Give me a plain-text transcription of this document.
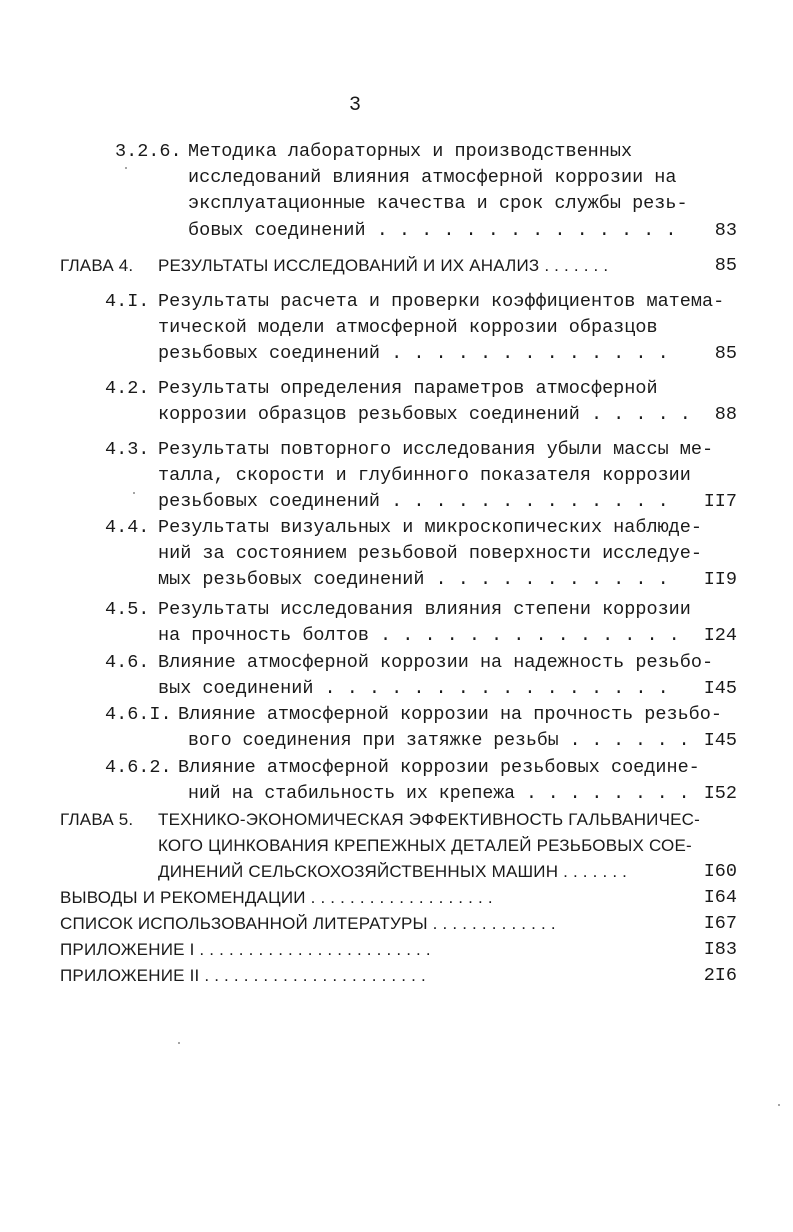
3
3.2.6. Методика лабораторных и производственных
исследований влияния атмосферной коррозии на
эксплуатационные качества и срок службы резь-
бовых соединений . . . . . . . . . . . . . . 83
ГЛАВА 4. РЕЗУЛЬТАТЫ ИССЛЕДОВАНИЙ И ИХ АНАЛИЗ . . . . . . .	85
4.I. Результаты расчета и проверки коэффициентов матема-
тической модели атмосферной коррозии образцов
резьбовых соединений . . . . . . . . . . . . . 85
4.2. Результаты определения параметров атмосферной
коррозии образцов резьбовых соединений . . . . . 88
4.3. Результаты повторного исследования убыли массы ме-
талла, скорости и глубинного показателя коррозии
резьбовых соединений . . . . . . . . . . . . . II7
4.4. Результаты визуальных и микроскопических наблюде-
ний за состоянием резьбовой поверхности исследуе-
мых резьбовых соединений . . . . . . . . . . . II9
4.5. Результаты исследования влияния степени коррозии
на прочность болтов . . . . . . . . . . . . . . I24
4.6. Влияние атмосферной коррозии на надежность резьбо-
вых соединений . . . . . . . . . . . . . . . . I45
4.6.I. Влияние атмосферной коррозии на прочность резьбо-
вого соединения при затяжке резьбы . . . . . . I45
4.6.2. Влияние атмосферной коррозии резьбовых соедине-
ний на стабильность их крепежа . . . . . . . . I52
ГЛАВА 5. ТЕХНИКО-ЭКОНОМИЧЕСКАЯ ЭФФЕКТИВНОСТЬ ГАЛЬВАНИЧЕС-
КОГО ЦИНКОВАНИЯ КРЕПЕЖНЫХ ДЕТАЛЕЙ РЕЗЬБОВЫХ СОЕ-
ДИНЕНИЙ СЕЛЬСКОХОЗЯЙСТВЕННЫХ МАШИН . . . . . . .	I60
ВЫВОДЫ И РЕКОМЕНДАЦИИ . . . . . . . . . . . . . . . . . . .	I64
СПИСОК ИСПОЛЬЗОВАННОЙ ЛИТЕРАТУРЫ . . . . . . . . . . . . .	I67
ПРИЛОЖЕНИЕ I . . . . . . . . . . . . . . . . . . . . . . . .	I83
ПРИЛОЖЕНИЕ II . . . . . . . . . . . . . . . . . . . . . . .	2I6
